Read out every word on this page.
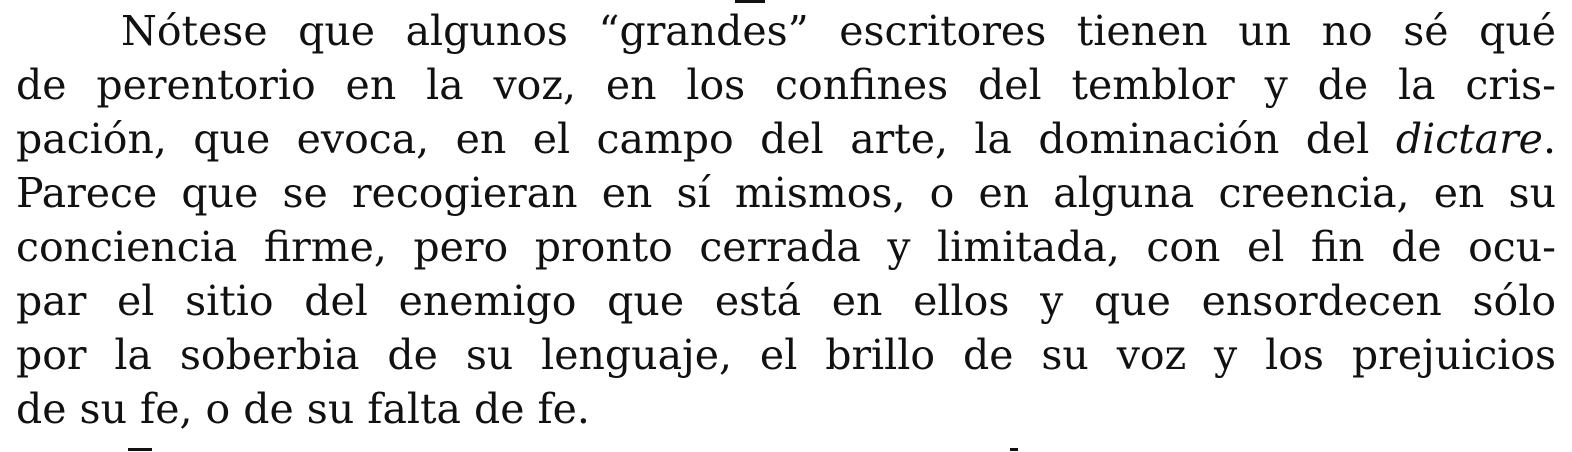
Nótese que algunos “grandes” escritores tienen un no sé qué
de perentorio en la voz, en los confines del temblor y de la cris-
pación, que evoca, en el campo del arte, la dominación del dictare.
Parece que se recogieran en sí mismos, o en alguna creencia, en su
conciencia firme, pero pronto cerrada y limitada, con el fin de ocu-
par el sitio del enemigo que está en ellos y que ensordecen sólo
por la soberbia de su lenguaje, el brillo de su voz y los prejuicios
de su fe, o de su falta de fe.
